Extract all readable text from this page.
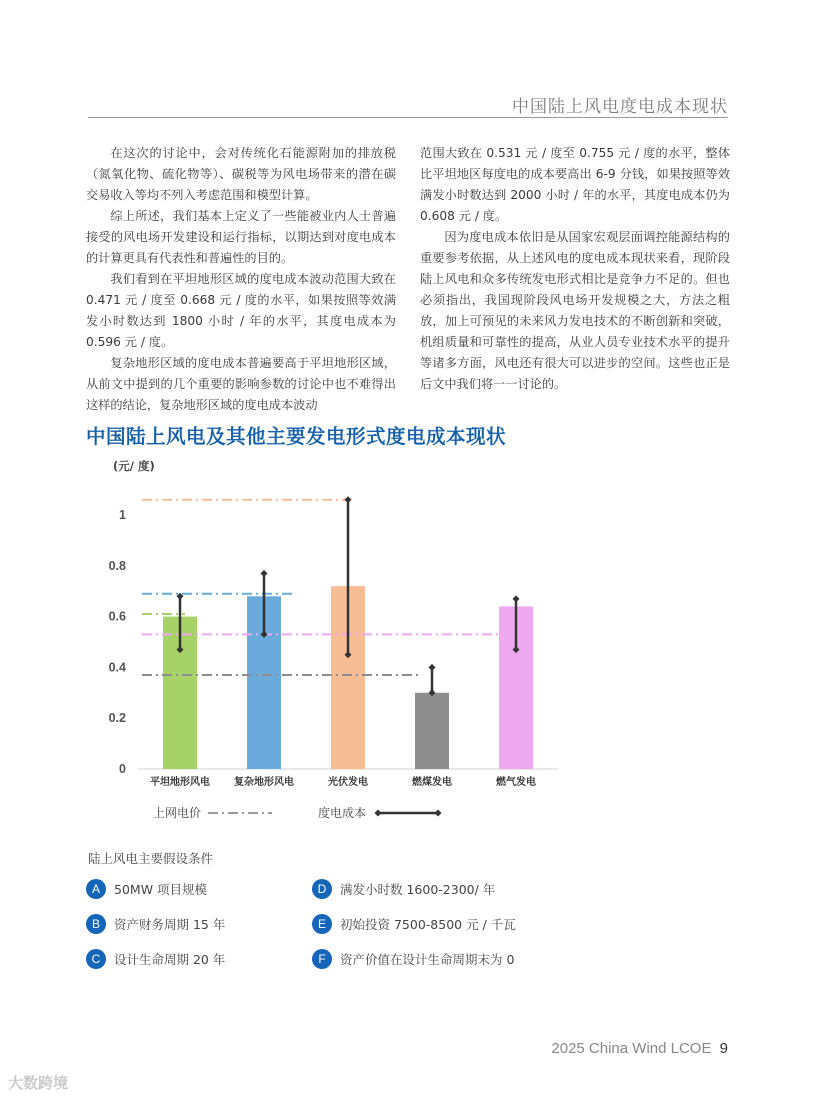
中国陆上风电度电成本现状

在这次的讨论中，会对传统化石能源附加的排放税（氮氧化物、硫化物等）、碳税等为风电场带来的潜在碳交易收入等均不列入考虑范围和模型计算。

综上所述，我们基本上定义了一些能被业内人士普遍接受的风电场开发建设和运行指标，以期达到对度电成本的计算更具有代表性和普遍性的目的。

我们看到在平坦地形区域的度电成本波动范围大致在 0.471 元 / 度至 0.668 元 / 度的水平，如果按照等效满发小时数达到 1800 小时 / 年的水平，其度电成本为 0.596 元 / 度。

复杂地形区域的度电成本普遍要高于平坦地形区域，从前文中提到的几个重要的影响参数的讨论中也不难得出这样的结论，复杂地形区域的度电成本波动

范围大致在 0.531 元 / 度至 0.755 元 / 度的水平，整体比平坦地区每度电的成本要高出 6-9 分钱，如果按照等效满发小时数达到 2000 小时 / 年的水平，其度电成本仍为 0.608 元 / 度。

因为度电成本依旧是从国家宏观层面调控能源结构的重要参考依据，从上述风电的度电成本现状来看，现阶段陆上风电和众多传统发电形式相比是竞争力不足的。但也必须指出，我国现阶段风电场开发规模之大，方法之粗放，加上可预见的未来风力发电技术的不断创新和突破，机组质量和可靠性的提高，从业人员专业技术水平的提升等诸多方面，风电还有很大可以进步的空间。这些也正是后文中我们将一一讨论的。

中国陆上风电及其他主要发电形式度电成本现状
(元/ 度)
0
0.2
0.4
0.6
0.8
1
平坦地形风电 复杂地形风电	光伏发电	燃煤发电	燃气发电
上网电价	度电成本
陆上风电主要假设条件
A	50MW 项目规模
B	资产财务周期 15 年
C	设计生命周期 20 年
D	满发小时数 1600-2300/ 年
E	初始投资 7500-8500 元 / 千瓦
F	资产价值在设计生命周期末为 0
2025 China Wind LCOE 9
大数跨境
